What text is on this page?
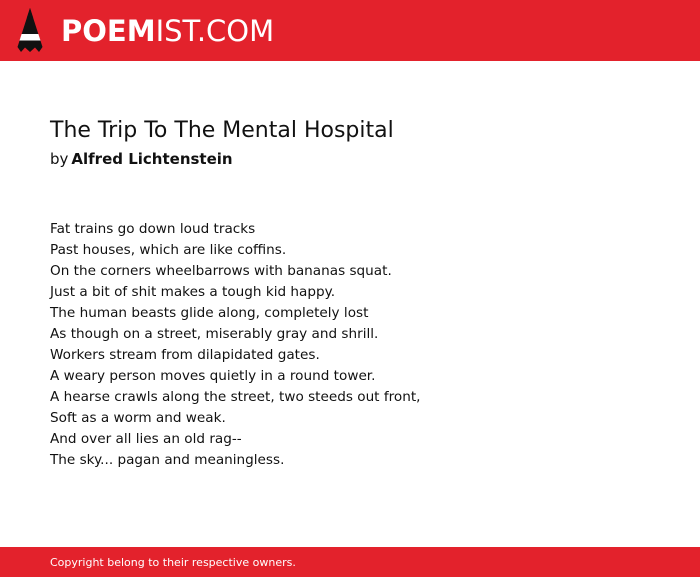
POEMIST.COM
The Trip To The Mental Hospital
by Alfred Lichtenstein
Fat trains go down loud tracks
Past houses, which are like coffins.
On the corners wheelbarrows with bananas squat.
Just a bit of shit makes a tough kid happy.
The human beasts glide along, completely lost
As though on a street, miserably gray and shrill.
Workers stream from dilapidated gates.
A weary person moves quietly in a round tower.
A hearse crawls along the street, two steeds out front,
Soft as a worm and weak.
And over all lies an old rag--
The sky... pagan and meaningless.
Copyright belong to their respective owners.
